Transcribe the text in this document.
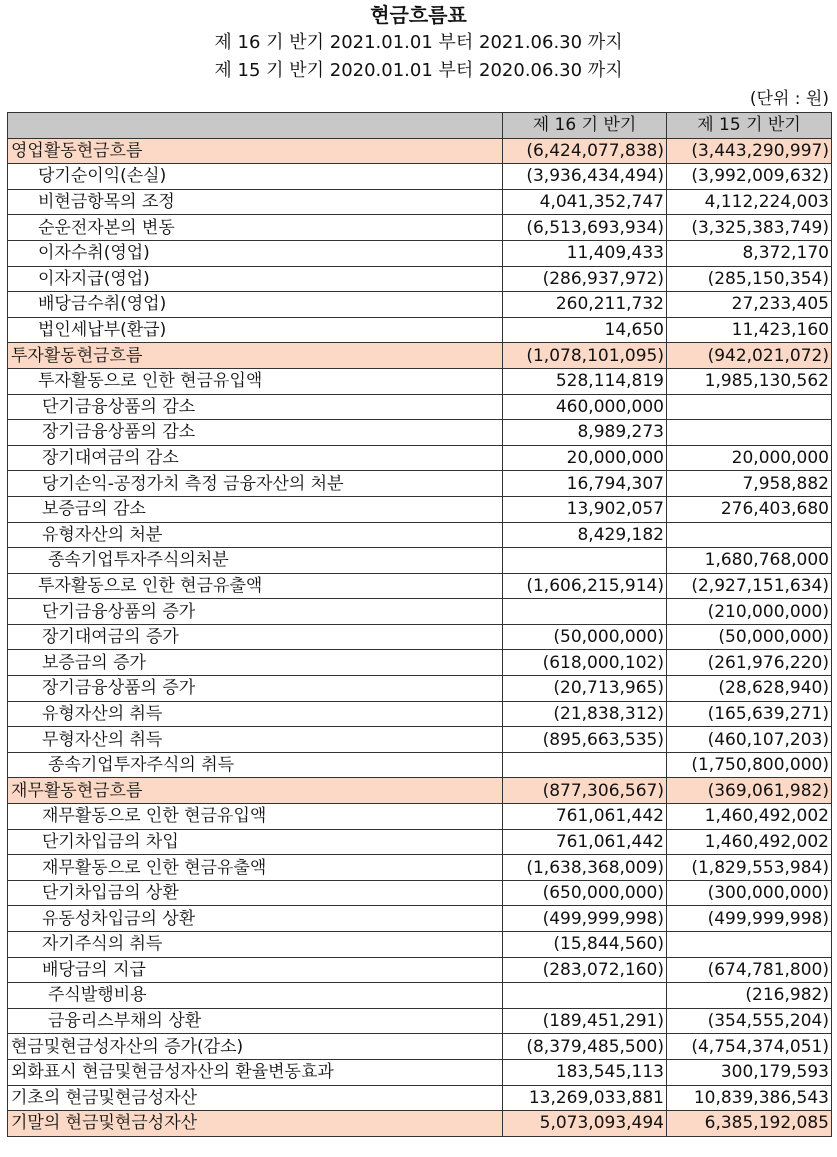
현금흐름표
제 16 기 반기 2021.01.01 부터 2021.06.30 까지
제 15 기 반기 2020.01.01 부터 2020.06.30 까지
(단위 : 원)
	제 16 기 반기	제 15 기 반기
영업활동현금흐름	(6,424,077,838)	(3,443,290,997)
당기순이익(손실)	(3,936,434,494)	(3,992,009,632)
비현금항목의 조정	4,041,352,747	4,112,224,003
순운전자본의 변동	(6,513,693,934)	(3,325,383,749)
이자수취(영업)	11,409,433	8,372,170
이자지급(영업)	(286,937,972)	(285,150,354)
배당금수취(영업)	260,211,732	27,233,405
법인세납부(환급)	14,650	11,423,160
투자활동현금흐름	(1,078,101,095)	(942,021,072)
투자활동으로 인한 현금유입액	528,114,819	1,985,130,562
단기금융상품의 감소	460,000,000	
장기금융상품의 감소	8,989,273	
장기대여금의 감소	20,000,000	20,000,000
당기손익-공정가치 측정 금융자산의 처분	16,794,307	7,958,882
보증금의 감소	13,902,057	276,403,680
유형자산의 처분	8,429,182	
종속기업투자주식의처분		1,680,768,000
투자활동으로 인한 현금유출액	(1,606,215,914)	(2,927,151,634)
단기금융상품의 증가		(210,000,000)
장기대여금의 증가	(50,000,000)	(50,000,000)
보증금의 증가	(618,000,102)	(261,976,220)
장기금융상품의 증가	(20,713,965)	(28,628,940)
유형자산의 취득	(21,838,312)	(165,639,271)
무형자산의 취득	(895,663,535)	(460,107,203)
종속기업투자주식의 취득		(1,750,800,000)
재무활동현금흐름	(877,306,567)	(369,061,982)
재무활동으로 인한 현금유입액	761,061,442	1,460,492,002
단기차입금의 차입	761,061,442	1,460,492,002
재무활동으로 인한 현금유출액	(1,638,368,009)	(1,829,553,984)
단기차입금의 상환	(650,000,000)	(300,000,000)
유동성차입금의 상환	(499,999,998)	(499,999,998)
자기주식의 취득	(15,844,560)	
배당금의 지급	(283,072,160)	(674,781,800)
주식발행비용		(216,982)
금융리스부채의 상환	(189,451,291)	(354,555,204)
현금및현금성자산의 증가(감소)	(8,379,485,500)	(4,754,374,051)
외화표시 현금및현금성자산의 환율변동효과	183,545,113	300,179,593
기초의 현금및현금성자산	13,269,033,881	10,839,386,543
기말의 현금및현금성자산	5,073,093,494	6,385,192,085
